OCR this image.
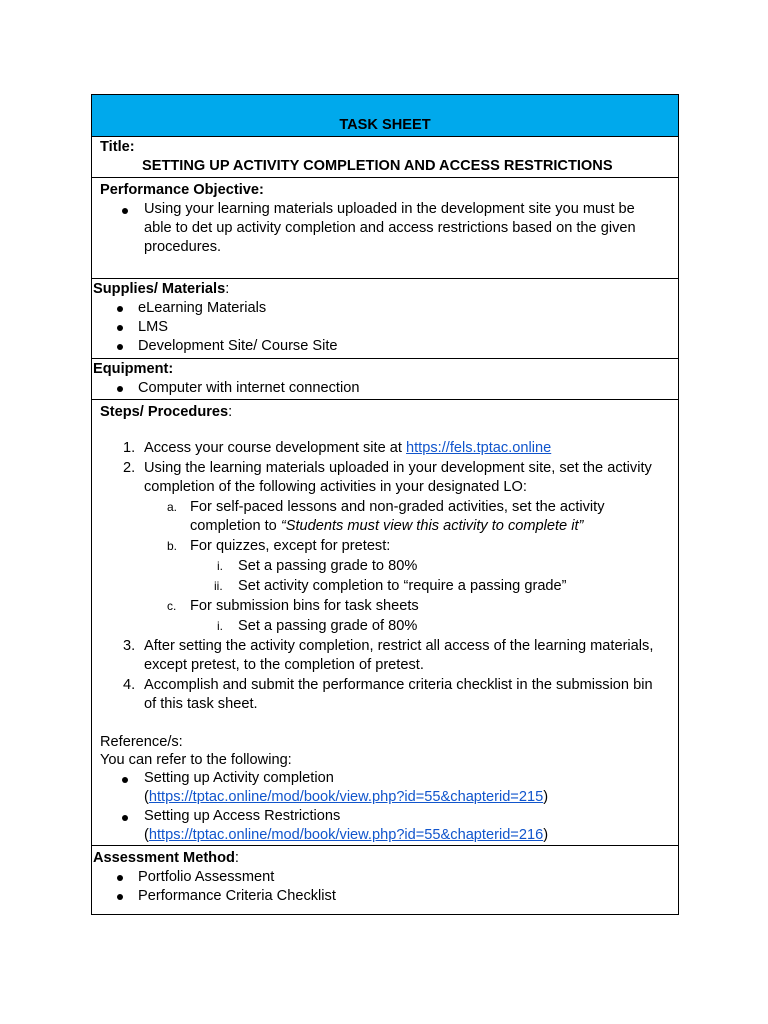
TASK SHEET
Title:
SETTING UP ACTIVITY COMPLETION AND ACCESS RESTRICTIONS
Performance Objective:
Using your learning materials uploaded in the development site you must be
able to det up activity completion and access restrictions based on the given
procedures.
Supplies/ Materials:
eLearning Materials
LMS
Development Site/ Course Site
Equipment:
Computer with internet connection
Steps/ Procedures:
1. Access your course development site at https://fels.tptac.online
2. Using the learning materials uploaded in your development site, set the activity
completion of the following activities in your designated LO:
a. For self-paced lessons and non-graded activities, set the activity
completion to “Students must view this activity to complete it”
b. For quizzes, except for pretest:
i. Set a passing grade to 80%
ii. Set activity completion to “require a passing grade”
c. For submission bins for task sheets
i. Set a passing grade of 80%
3. After setting the activity completion, restrict all access of the learning materials,
except pretest, to the completion of pretest.
4. Accomplish and submit the performance criteria checklist in the submission bin
of this task sheet.
Reference/s:
You can refer to the following:
Setting up Activity completion
(https://tptac.online/mod/book/view.php?id=55&chapterid=215)
Setting up Access Restrictions
(https://tptac.online/mod/book/view.php?id=55&chapterid=216)
Assessment Method:
Portfolio Assessment
Performance Criteria Checklist
